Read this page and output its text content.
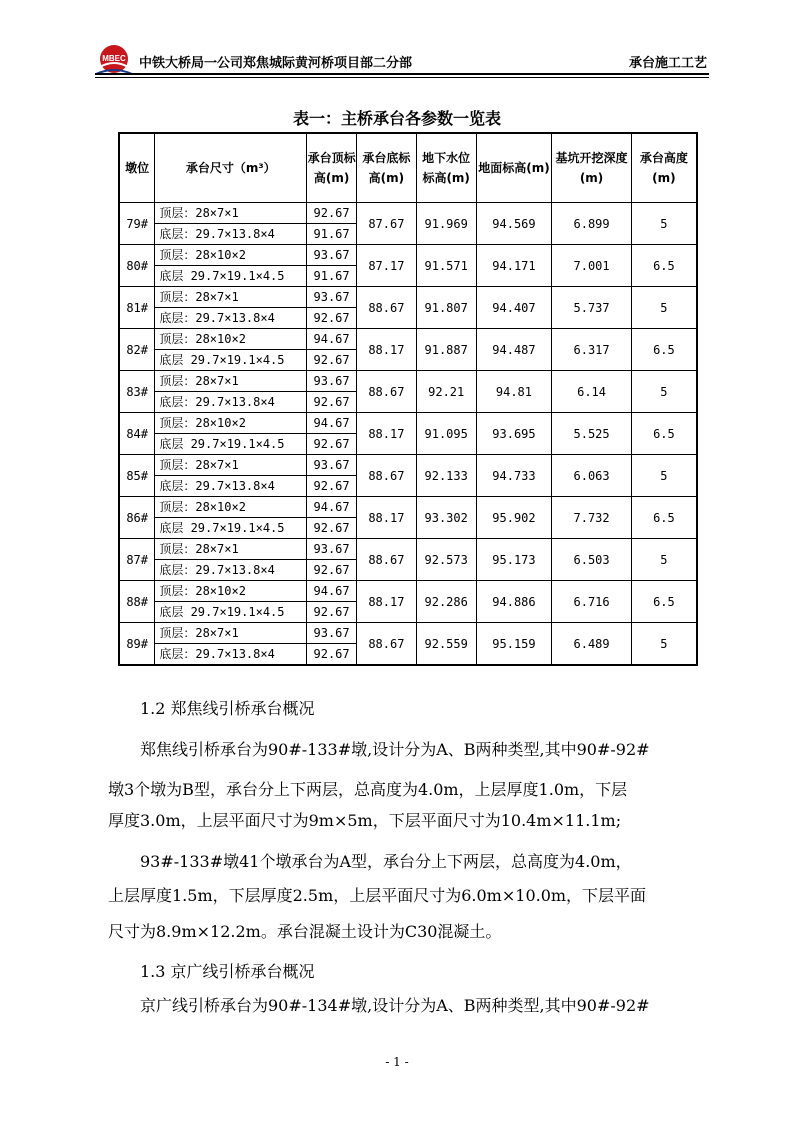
MBEC 中铁大桥局一公司郑焦城际黄河桥项目部二分部	承台施工工艺
表一：主桥承台各参数一览表
墩位	承台尺寸（m³）	承台顶标高(m)	承台底标高(m)	地下水位标高(m)	地面标高(m)	基坑开挖深度(m)	承台高度(m)
79#	顶层：28×7×1	92.67	87.67	91.969	94.569	6.899	5
	底层：29.7×13.8×4	91.67					
80#	顶层：28×10×2	93.67	87.17	91.571	94.171	7.001	6.5
	底层 29.7×19.1×4.5	91.67					
81#	顶层：28×7×1	93.67	88.67	91.807	94.407	5.737	5
	底层：29.7×13.8×4	92.67					
82#	顶层：28×10×2	94.67	88.17	91.887	94.487	6.317	6.5
	底层 29.7×19.1×4.5	92.67					
83#	顶层：28×7×1	93.67	88.67	92.21	94.81	6.14	5
	底层：29.7×13.8×4	92.67					
84#	顶层：28×10×2	94.67	88.17	91.095	93.695	5.525	6.5
	底层 29.7×19.1×4.5	92.67					
85#	顶层：28×7×1	93.67	88.67	92.133	94.733	6.063	5
	底层：29.7×13.8×4	92.67					
86#	顶层：28×10×2	94.67	88.17	93.302	95.902	7.732	6.5
	底层 29.7×19.1×4.5	92.67					
87#	顶层：28×7×1	93.67	88.67	92.573	95.173	6.503	5
	底层：29.7×13.8×4	92.67					
88#	顶层：28×10×2	94.67	88.17	92.286	94.886	6.716	6.5
	底层 29.7×19.1×4.5	92.67					
89#	顶层：28×7×1	93.67	88.67	92.559	95.159	6.489	5
	底层：29.7×13.8×4	92.67					
1.2 郑焦线引桥承台概况
郑焦线引桥承台为90#-133#墩,设计分为A、B两种类型,其中90#-92#
墩3个墩为B型，承台分上下两层，总高度为4.0m，上层厚度1.0m，下层
厚度3.0m，上层平面尺寸为9m×5m，下层平面尺寸为10.4m×11.1m;
93#-133#墩41个墩承台为A型，承台分上下两层，总高度为4.0m，
上层厚度1.5m，下层厚度2.5m，上层平面尺寸为6.0m×10.0m，下层平面
尺寸为8.9m×12.2m。承台混凝土设计为C30混凝土。
1.3 京广线引桥承台概况
京广线引桥承台为90#-134#墩,设计分为A、B两种类型,其中90#-92#
- 1 -
